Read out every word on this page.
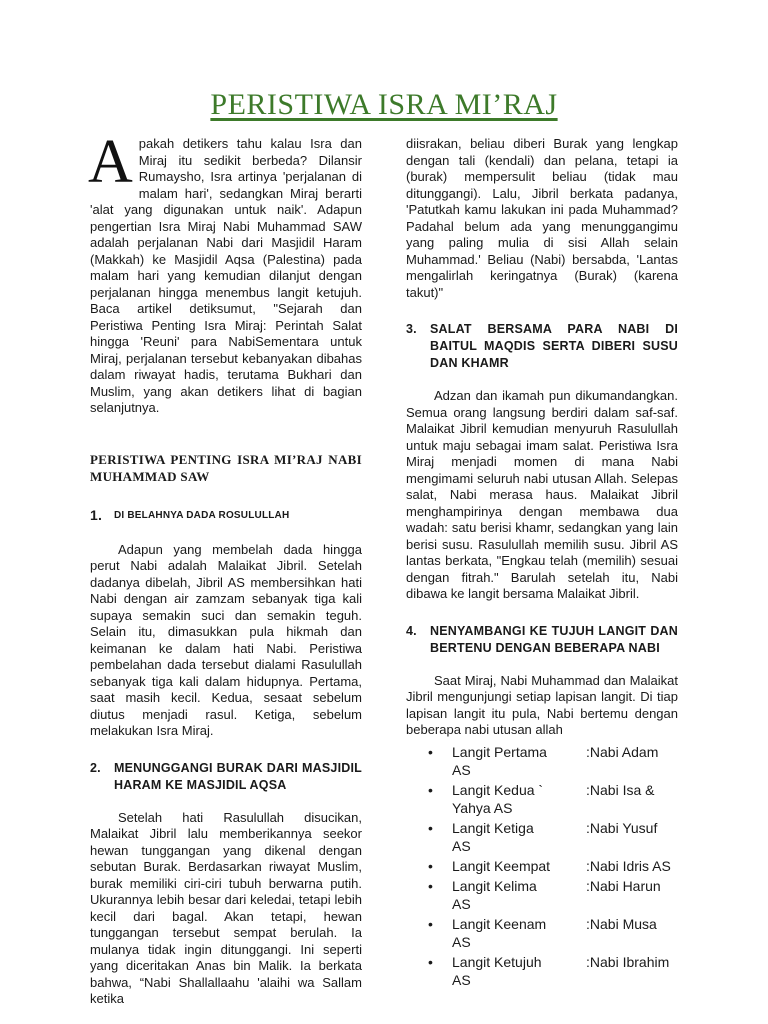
PERISTIWA ISRA MI’RAJ

Apakah detikers tahu kalau Isra dan Miraj itu sedikit berbeda? Dilansir Rumaysho, Isra artinya 'perjalanan di malam hari', sedangkan Miraj berarti 'alat yang digunakan untuk naik'. Adapun pengertian Isra Miraj Nabi Muhammad SAW adalah perjalanan Nabi dari Masjidil Haram (Makkah) ke Masjidil Aqsa (Palestina) pada malam hari yang kemudian dilanjut dengan perjalanan hingga menembus langit ketujuh. Baca artikel detiksumut, "Sejarah dan Peristiwa Penting Isra Miraj: Perintah Salat hingga 'Reuni' para NabiSementara untuk Miraj, perjalanan tersebut kebanyakan dibahas dalam riwayat hadis, terutama Bukhari dan Muslim, yang akan detikers lihat di bagian selanjutnya.

PERISTIWA PENTING ISRA MI’RAJ NABI MUHAMMAD SAW
1.	DI BELAHNYA DADA ROSULULLAH

Adapun yang membelah dada hingga perut Nabi adalah Malaikat Jibril. Setelah dadanya dibelah, Jibril AS membersihkan hati Nabi dengan air zamzam sebanyak tiga kali supaya semakin suci dan semakin teguh. Selain itu, dimasukkan pula hikmah dan keimanan ke dalam hati Nabi. Peristiwa pembelahan dada tersebut dialami Rasulullah sebanyak tiga kali dalam hidupnya. Pertama, saat masih kecil. Kedua, sesaat sebelum diutus menjadi rasul. Ketiga, sebelum melakukan Isra Miraj.

2.	MENUNGGANGI BURAK DARI MASJIDIL HARAM KE MASJIDIL AQSA

Setelah hati Rasulullah disucikan, Malaikat Jibril lalu memberikannya seekor hewan tunggangan yang dikenal dengan sebutan Burak. Berdasarkan riwayat Muslim, burak memiliki ciri-ciri tubuh berwarna putih. Ukurannya lebih besar dari keledai, tetapi lebih kecil dari bagal. Akan tetapi, hewan tunggangan tersebut sempat berulah. Ia mulanya tidak ingin ditunggangi. Ini seperti yang diceritakan Anas bin Malik. Ia berkata bahwa, “Nabi Shallallaahu 'alaihi wa Sallam ketika

diisrakan, beliau diberi Burak yang lengkap dengan tali (kendali) dan pelana, tetapi ia (burak) mempersulit beliau (tidak mau ditunggangi). Lalu, Jibril berkata padanya, 'Patutkah kamu lakukan ini pada Muhammad? Padahal belum ada yang menunggangimu yang paling mulia di sisi Allah selain Muhammad.' Beliau (Nabi) bersabda, 'Lantas mengalirlah keringatnya (Burak) (karena takut)"

3.	SALAT BERSAMA PARA NABI DI BAITUL MAQDIS SERTA DIBERI SUSU DAN KHAMR

Adzan dan ikamah pun dikumandangkan. Semua orang langsung berdiri dalam saf-saf. Malaikat Jibril kemudian menyuruh Rasulullah untuk maju sebagai imam salat. Peristiwa Isra Miraj menjadi momen di mana Nabi mengimami seluruh nabi utusan Allah. Selepas salat, Nabi merasa haus. Malaikat Jibril menghampirinya dengan membawa dua wadah: satu berisi khamr, sedangkan yang lain berisi susu. Rasulullah memilih susu. Jibril AS lantas berkata, "Engkau telah (memilih) sesuai dengan fitrah." Barulah setelah itu, Nabi dibawa ke langit bersama Malaikat Jibril.

4.	NENYAMBANGI KE TUJUH LANGIT DAN BERTENU DENGAN BEBERAPA NABI

Saat Miraj, Nabi Muhammad dan Malaikat Jibril mengunjungi setiap lapisan langit. Di tiap lapisan langit itu pula, Nabi bertemu dengan beberapa nabi utusan allah

•	Langit Pertama	:Nabi Adam
AS
•	Langit Kedua `	:Nabi Isa &
Yahya AS
•	Langit Ketiga	:Nabi Yusuf
AS
•	Langit Keempat	:Nabi Idris AS
•	Langit Kelima	:Nabi Harun
AS
•	Langit Keenam	:Nabi Musa
AS
•	Langit Ketujuh	:Nabi Ibrahim
AS
